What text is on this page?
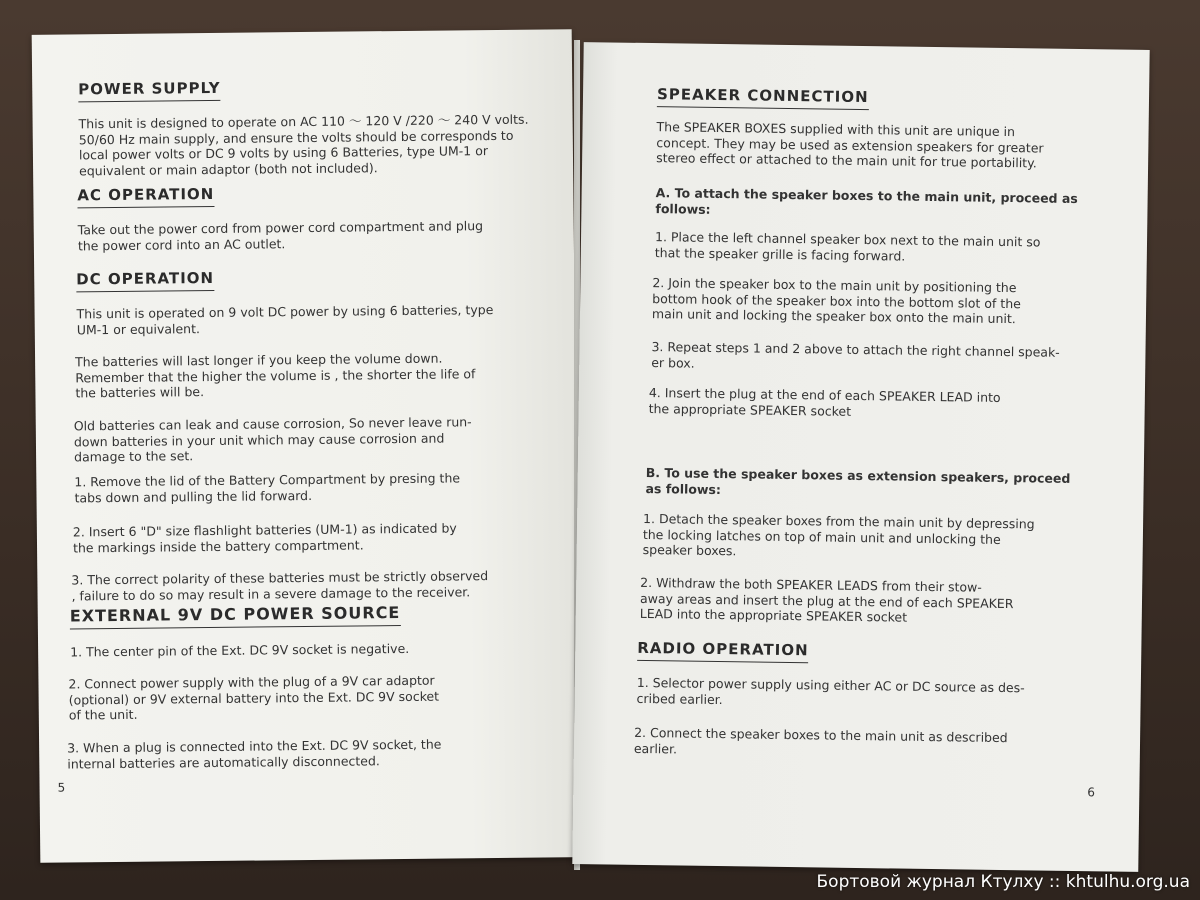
POWER SUPPLY
This unit is designed to operate on AC 110 ～ 120 V /220 ～ 240 V volts.
50/60 Hz main supply, and ensure the volts should be corresponds to
local power volts or DC 9 volts by using 6 Batteries, type UM-1 or
equivalent or main adaptor (both not included).
AC OPERATION
Take out the power cord from power cord compartment and plug
the power cord into an AC outlet.
DC OPERATION
This unit is operated on 9 volt DC power by using 6 batteries, type
UM-1 or equivalent.
The batteries will last longer if you keep the volume down.
Remember that the higher the volume is , the shorter the life of
the batteries will be.
Old batteries can leak and cause corrosion, So never leave run-
down batteries in your unit which may cause corrosion and
damage to the set.
1. Remove the lid of the Battery Compartment by presing the
tabs down and pulling the lid forward.
2. Insert 6 "D" size flashlight batteries (UM-1) as indicated by
the markings inside the battery compartment.
3. The correct polarity of these batteries must be strictly observed
, failure to do so may result in a severe damage to the receiver.
EXTERNAL 9V DC POWER SOURCE
1. The center pin of the Ext. DC 9V socket is negative.
2. Connect power supply with the plug of a 9V car adaptor
(optional) or 9V external battery into the Ext. DC 9V socket
of the unit.
3. When a plug is connected into the Ext. DC 9V socket, the
internal batteries are automatically disconnected.
5
SPEAKER CONNECTION
The SPEAKER BOXES supplied with this unit are unique in
concept. They may be used as extension speakers for greater
stereo effect or attached to the main unit for true portability.
A. To attach the speaker boxes to the main unit, proceed as
follows:
1. Place the left channel speaker box next to the main unit so
that the speaker grille is facing forward.
2. Join the speaker box to the main unit by positioning the
bottom hook of the speaker box into the bottom slot of the
main unit and locking the speaker box onto the main unit.
3. Repeat steps 1 and 2 above to attach the right channel speak-
er box.
4. Insert the plug at the end of each SPEAKER LEAD into
the appropriate SPEAKER socket
B. To use the speaker boxes as extension speakers, proceed
as follows:
1. Detach the speaker boxes from the main unit by depressing
the locking latches on top of main unit and unlocking the
speaker boxes.
2. Withdraw the both SPEAKER LEADS from their stow-
away areas and insert the plug at the end of each SPEAKER
LEAD into the appropriate SPEAKER socket
RADIO OPERATION
1. Selector power supply using either AC or DC source as des-
cribed earlier.
2. Connect the speaker boxes to the main unit as described
earlier.
6
Бортовой журнал Ктулху :: khtulhu.org.ua
